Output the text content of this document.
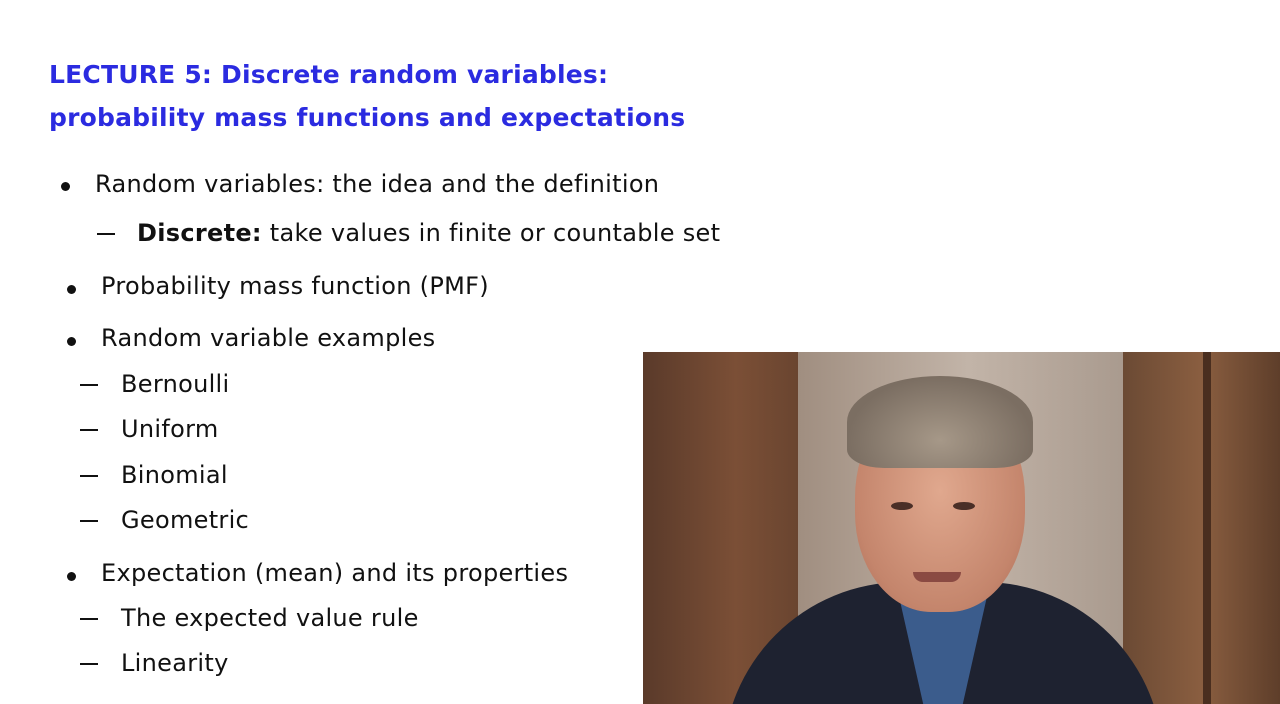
LECTURE 5: Discrete random variables:
probability mass functions and expectations
Random variables: the idea and the definition
Discrete: take values in finite or countable set
Probability mass function (PMF)
Random variable examples
Bernoulli
Uniform
Binomial
Geometric
Expectation (mean) and its properties
The expected value rule
Linearity
